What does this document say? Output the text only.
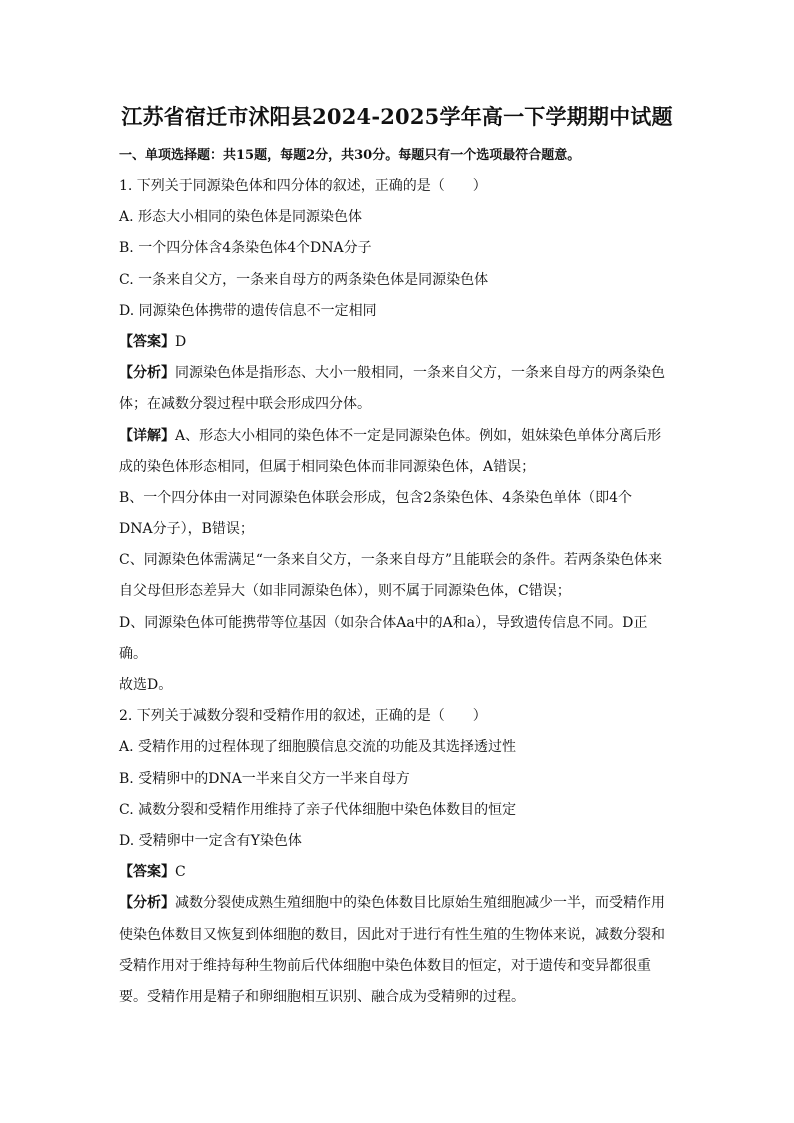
江苏省宿迁市沭阳县2024-2025学年高一下学期期中试题
一、单项选择题：共15题，每题2分，共30分。每题只有一个选项最符合题意。
1. 下列关于同源染色体和四分体的叙述，正确的是（　　）
A. 形态大小相同的染色体是同源染色体
B. 一个四分体含4条染色体4个DNA分子
C. 一条来自父方，一条来自母方的两条染色体是同源染色体
D. 同源染色体携带的遗传信息不一定相同
【答案】D
【分析】同源染色体是指形态、大小一般相同，一条来自父方，一条来自母方的两条染色
体；在减数分裂过程中联会形成四分体。
【详解】A、形态大小相同的染色体不一定是同源染色体。例如，姐妹染色单体分离后形
成的染色体形态相同，但属于相同染色体而非同源染色体，A错误；
B、一个四分体由一对同源染色体联会形成，包含2条染色体、4条染色单体（即4个
DNA分子），B错误；
C、同源染色体需满足“一条来自父方，一条来自母方”且能联会的条件。若两条染色体来
自父母但形态差异大（如非同源染色体），则不属于同源染色体，C错误；
D、同源染色体可能携带等位基因（如杂合体Aa中的A和a），导致遗传信息不同。D正
确。
故选D。
2. 下列关于减数分裂和受精作用的叙述，正确的是（　　）
A. 受精作用的过程体现了细胞膜信息交流的功能及其选择透过性
B. 受精卵中的DNA一半来自父方一半来自母方
C. 减数分裂和受精作用维持了亲子代体细胞中染色体数目的恒定
D. 受精卵中一定含有Y染色体
【答案】C
【分析】减数分裂使成熟生殖细胞中的染色体数目比原始生殖细胞减少一半，而受精作用
使染色体数目又恢复到体细胞的数目，因此对于进行有性生殖的生物体来说，减数分裂和
受精作用对于维持每种生物前后代体细胞中染色体数目的恒定，对于遗传和变异都很重
要。受精作用是精子和卵细胞相互识别、融合成为受精卵的过程。
